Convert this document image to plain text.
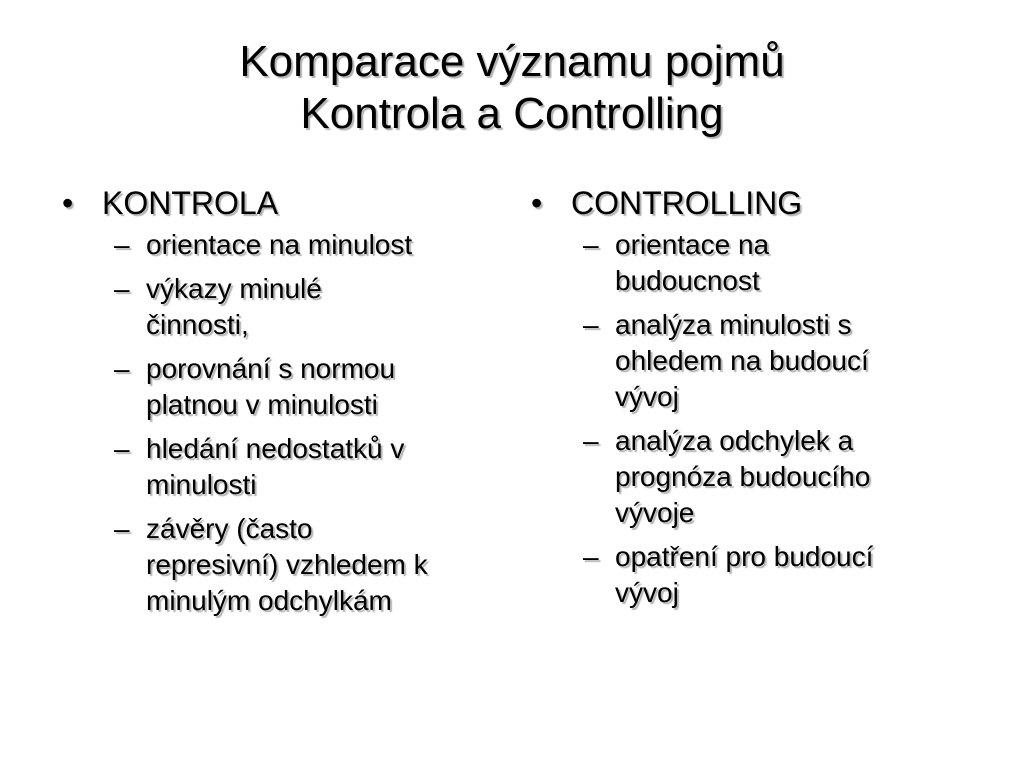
Komparace významu pojmů
Kontrola a Controlling
• KONTROLA
– orientace na minulost
– výkazy minulé
činnosti,
– porovnání s normou
platnou v minulosti
– hledání nedostatků v
minulosti
– závěry (často
represivní) vzhledem k
minulým odchylkám
• CONTROLLING
– orientace na
budoucnost
– analýza minulosti s
ohledem na budoucí
vývoj
– analýza odchylek a
prognóza budoucího
vývoje
– opatření pro budoucí
vývoj
